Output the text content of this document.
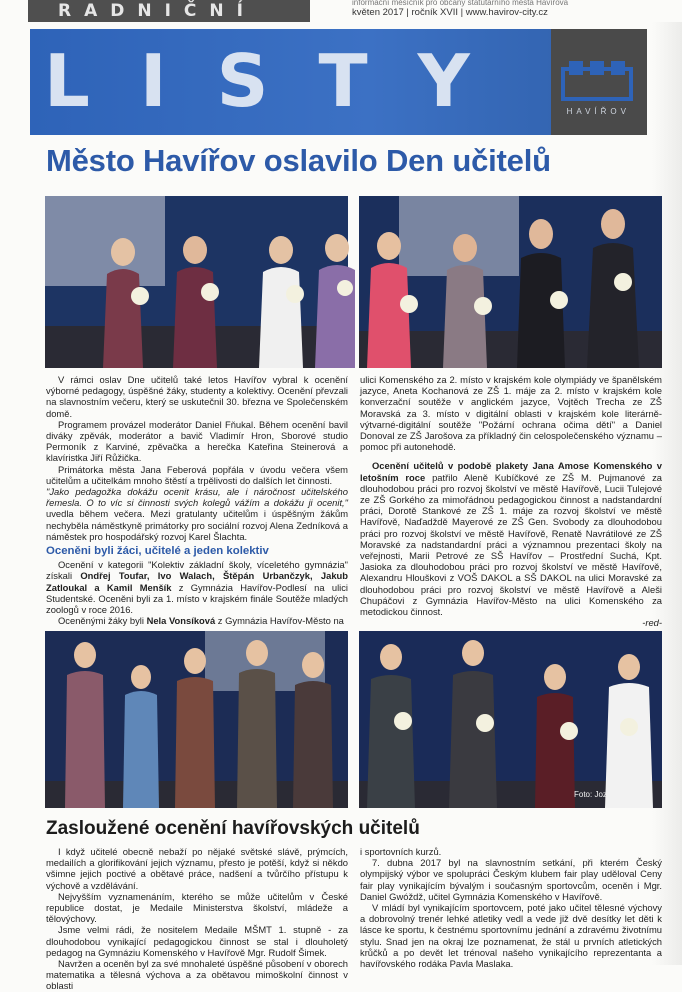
RADNIČNÍ	informační měsíčník pro občany statutárního města Havířova
květen 2017 | ročník XVII | www.havirov-city.cz
LISTY	HAVÍŘOV
Město Havířov oslavilo Den učitelů

V rámci oslav Dne učitelů také letos Havířov vybral k ocenění výborné pedagogy, úspěšné žáky, studenty a kolektivy. Ocenění převzali na slavnostním večeru, který se uskutečnil 30. března ve Společenském domě.

Programem provázel moderátor Daniel Fňukal. Během ocenění bavil diváky zpěvák, moderátor a bavič Vladimír Hron, Sborové studio Permoník z Karviné, zpěvačka a herečka Kateřina Steinerová a klavíristka Jiří Růžička.

Primátorka města Jana Feberová popřála v úvodu večera všem učitelům a učitelkám mnoho štěstí a trpělivosti do dalších let činnosti.

"Jako pedagožka dokážu ocenit krásu, ale i náročnost učitelského řemesla. O to víc si činnosti svých kolegů vážím a dokážu ji ocenit," uvedla během večera. Mezi gratulanty učitelům i úspěšným žákům nechyběla náměstkyně primátorky pro sociální rozvoj Alena Zedníková a náměstek pro hospodářský rozvoj Karel Šlachta.

Oceněni byli žáci, učitelé a jeden kolektiv

Ocenění v kategorii "Kolektiv základní školy, víceletého gymnázia" získali Ondřej Toufar, Ivo Walach, Štěpán Urbančzyk, Jakub Zatloukal a Kamil Menšík z Gymnázia Havířov-Podlesí na ulici Studentské. Oceněni byli za 1. místo v krajském finále Soutěže mladých zoologů v roce 2016.

Oceněnými žáky byli Nela Vonsíková z Gymnázia Havířov-Město na

ulici Komenského za 2. místo v krajském kole olympiády ve španělském jazyce, Aneta Kochanová ze ZŠ 1. máje za 2. místo v krajském kole konverzační soutěže v anglickém jazyce, Vojtěch Trecha ze ZŠ Moravská za 3. místo v digitální oblasti v krajském kole literárně-výtvarné-digitální soutěže "Požární ochrana očima dětí" a Daniel Donoval ze ZŠ Jarošova za příkladný čin celospolečenského významu – pomoc při autonehodě.

Ocenění učitelů v podobě plakety Jana Amose Komenského v letošním roce patřilo Aleně Kubíčkové ze ZŠ M. Pujmanové za dlouhodobou práci pro rozvoj školství ve městě Havířově, Lucii Tulejové ze ZŠ Gorkého za mimořádnou pedagogickou činnost a nadstandardní práci, Dorotě Stankové ze ZŠ 1. máje za rozvoj školství ve městě Havířově, Naďadždě Mayerové ze ZŠ Gen. Svobody za dlouhodobou práci pro rozvoj školství ve městě Havířově, Renatě Navrátilové ze ZŠ Moravské za nadstandardní práci a významnou prezentaci školy na veřejnosti, Marii Petrové ze SŠ Havířov – Prostřední Suchá, Kpt. Jasioka za dlouhodobou práci pro rozvoj školství ve městě Havířově, Alexandru Hlouškovi z VOŠ DAKOL a SŠ DAKOL na ulici Moravské za dlouhodobou práci pro rozvoj školství ve městě Havířově a Aleši Chupáčovi z Gymnázia Havířov-Město na ulici Komenského za metodickou činnost.

-red-

Foto: Jozef Pinter
Zasloužené ocenění havířovských učitelů

I když učitelé obecně nebaží po nějaké světské slávě, prýmcích, medailích a glorifikování jejich významu, přesto je potěší, když si někdo všimne jejich poctivé a obětavé práce, nadšení a tvůrčího přístupu k výchově a vzdělávání.

Nejvyšším vyznamenáním, kterého se může učitelům v České republice dostat, je Medaile Ministerstva školství, mládeže a tělovýchovy.

Jsme velmi rádi, že nositelem Medaile MŠMT 1. stupně - za dlouhodobou vynikající pedagogickou činnost se stal i dlouholetý pedagog na Gymnáziu Komenského v Havířově Mgr. Rudolf Šimek.

Navržen a oceněn byl za své mnohaleté úspěšné působení v oborech matematika a tělesná výchova a za obětavou mimoškolní činnost v oblasti

i sportovních kurzů.

7. dubna 2017 byl na slavnostním setkání, při kterém Český olympijský výbor ve spolupráci Českým klubem fair play uděloval Ceny fair play vynikajícím bývalým i současným sportovcům, oceněn i Mgr. Daniel Gwóždž, učitel Gymnázia Komenského v Havířově.

V mládí byl vynikajícím sportovcem, poté jako učitel tělesné výchovy a dobrovolný trenér lehké atletiky vedl a vede již dvě desítky let děti k lásce ke sportu, k čestnému sportovnímu jednání a zdravému životnímu stylu. Snad jen na okraj lze poznamenat, že stál u prvních atletických krůčků a po devět let trénoval našeho vynikajícího reprezentanta a havířovského rodáka Pavla Maslaka.
